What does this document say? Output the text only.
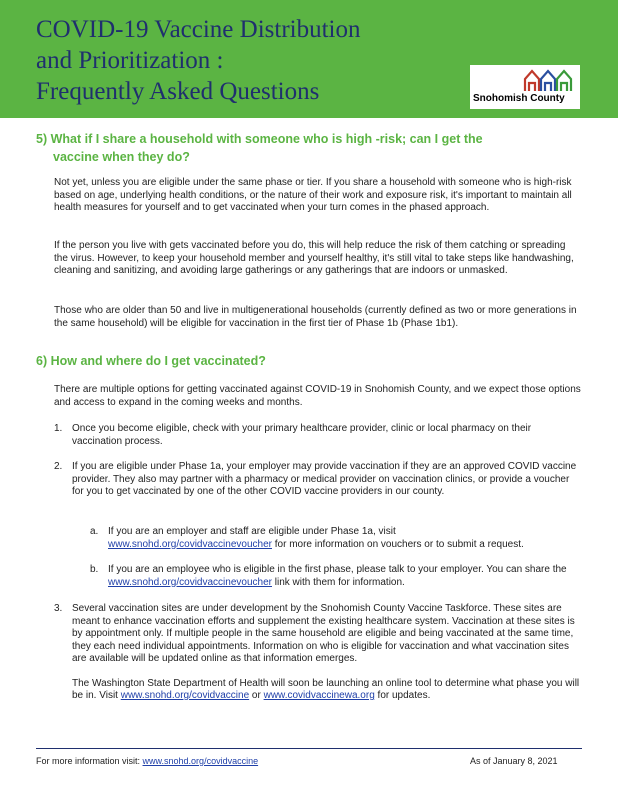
COVID-19 Vaccine Distribution
and Prioritization :
Frequently Asked Questions	Snohomish County

5) What if I share a household with someone who is high -risk; can I get the
vaccine when they do?

Not yet, unless you are eligible under the same phase or tier. If you share a household with someone who is high-risk based on age, underlying health conditions, or the nature of their work and exposure risk, it's important to maintain all health measures for yourself and to get vaccinated when your turn comes in the phased approach.

If the person you live with gets vaccinated before you do, this will help reduce the risk of them catching or spreading the virus. However, to keep your household member and yourself healthy, it's still vital to take steps like handwashing, cleaning and sanitizing, and avoiding large gatherings or any gatherings that are indoors or unmasked.

Those who are older than 50 and live in multigenerational households (currently defined as two or more generations in the same household) will be eligible for vaccination in the first tier of Phase 1b (Phase 1b1).

6) How and where do I get vaccinated?

There are multiple options for getting vaccinated against COVID-19 in Snohomish County, and we expect those options and access to expand in the coming weeks and months.

1. Once you become eligible, check with your primary healthcare provider, clinic or local pharmacy on their vaccination process.
2. If you are eligible under Phase 1a, your employer may provide vaccination if they are an approved COVID vaccine provider. They also may partner with a pharmacy or medical provider on vaccination clinics, or provide a voucher for you to get vaccinated by one of the other COVID vaccine providers in our county.
a. If you are an employer and staff are eligible under Phase 1a, visit
www.snohd.org/covidvaccinevoucher for more information on vouchers or to submit a request.
b. If you are an employee who is eligible in the first phase, please talk to your employer. You can share the www.snohd.org/covidvaccinevoucher link with them for information.
3. Several vaccination sites are under development by the Snohomish County Vaccine Taskforce. These sites are meant to enhance vaccination efforts and supplement the existing healthcare system. Vaccination at these sites is by appointment only. If multiple people in the same household are eligible and being vaccinated at the same time, they each need individual appointments. Information on who is eligible for vaccination and what vaccination sites are available will be updated online as that information emerges.
The Washington State Department of Health will soon be launching an online tool to determine what phase you will be in. Visit www.snohd.org/covidvaccine or www.covidvaccinewa.org for updates.
For more information visit: www.snohd.org/covidvaccine	As of January 8, 2021
